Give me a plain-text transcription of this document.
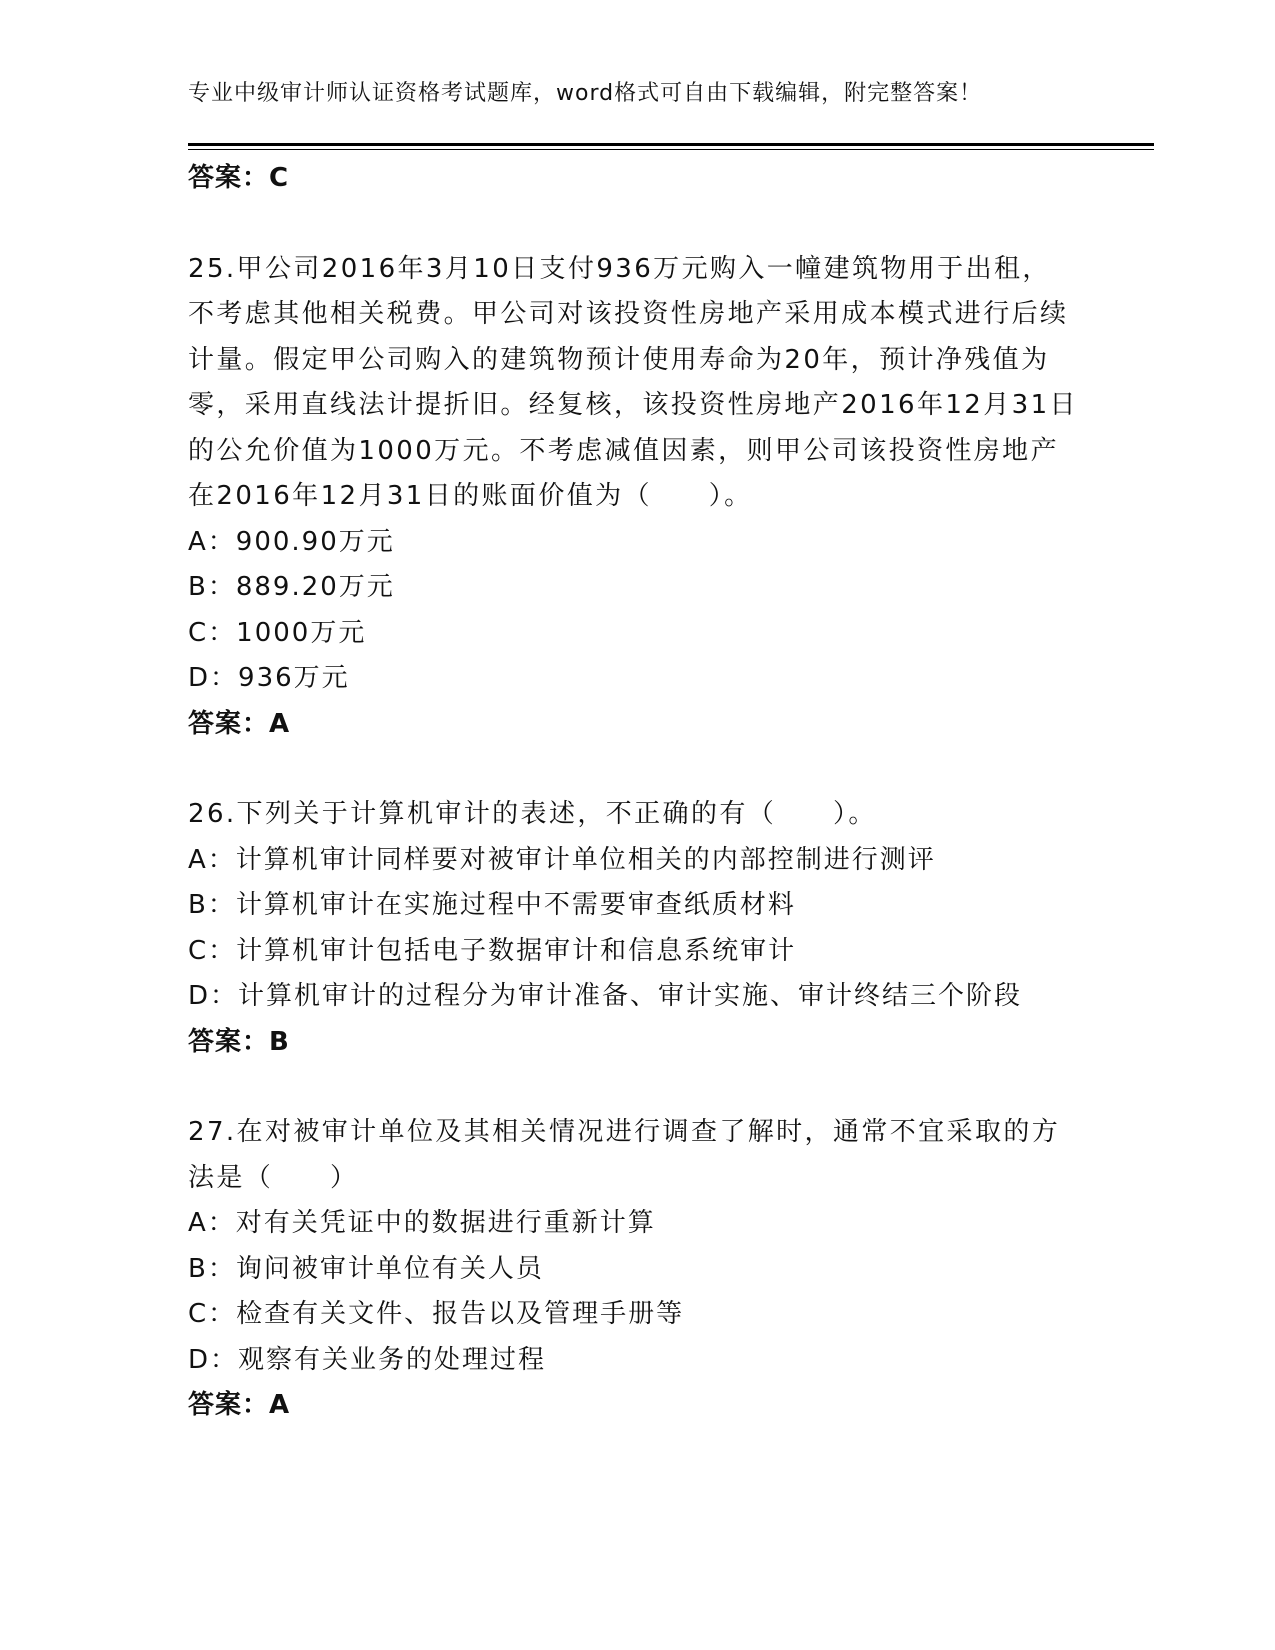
专业中级审计师认证资格考试题库，word格式可自由下载编辑，附完整答案！
答案：C
25.甲公司2016年3月10日支付936万元购入一幢建筑物用于出租，不考虑其他相关税费。甲公司对该投资性房地产采用成本模式进行后续计量。假定甲公司购入的建筑物预计使用寿命为20年，预计净残值为零，采用直线法计提折旧。经复核，该投资性房地产2016年12月31日的公允价值为1000万元。不考虑减值因素，则甲公司该投资性房地产在2016年12月31日的账面价值为（　　）。
A：900.90万元
B：889.20万元
C：1000万元
D：936万元
答案：A
26.下列关于计算机审计的表述，不正确的有（　　）。
A：计算机审计同样要对被审计单位相关的内部控制进行测评
B：计算机审计在实施过程中不需要审查纸质材料
C：计算机审计包括电子数据审计和信息系统审计
D：计算机审计的过程分为审计准备、审计实施、审计终结三个阶段
答案：B
27.在对被审计单位及其相关情况进行调查了解时，通常不宜采取的方法是（　　）
A：对有关凭证中的数据进行重新计算
B：询问被审计单位有关人员
C：检查有关文件、报告以及管理手册等
D：观察有关业务的处理过程
答案：A
